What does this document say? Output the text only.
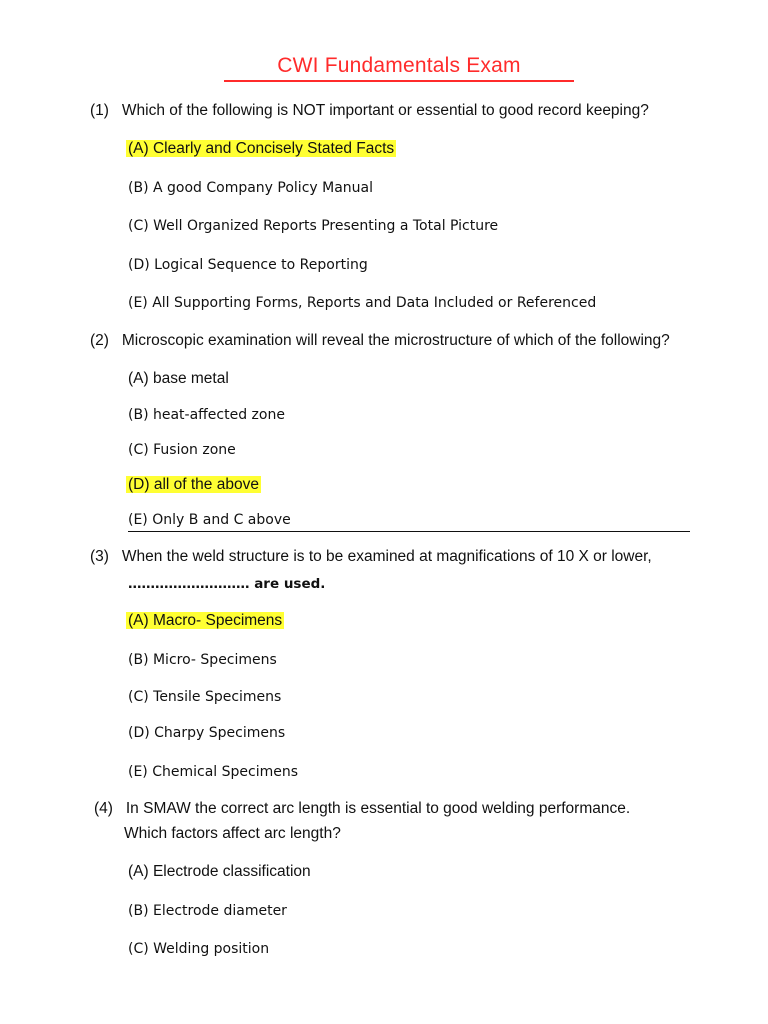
CWI Fundamentals Exam
(1) Which of the following is NOT important or essential to good record keeping?
(A) Clearly and Concisely Stated Facts
(B) A good Company Policy Manual
(C) Well Organized Reports Presenting a Total Picture
(D) Logical Sequence to Reporting
(E) All Supporting Forms, Reports and Data Included or Referenced
(2) Microscopic examination will reveal the microstructure of which of the following?
(A) base metal
(B) heat-affected zone
(C) Fusion zone
(D) all of the above
(E) Only B and C above
(3) When the weld structure is to be examined at magnifications of 10 X or lower,
……………………… are used.
(A) Macro- Specimens
(B) Micro- Specimens
(C) Tensile Specimens
(D) Charpy Specimens
(E) Chemical Specimens
(4) In SMAW the correct arc length is essential to good welding performance.
Which factors affect arc length?
(A) Electrode classification
(B) Electrode diameter
(C) Welding position
